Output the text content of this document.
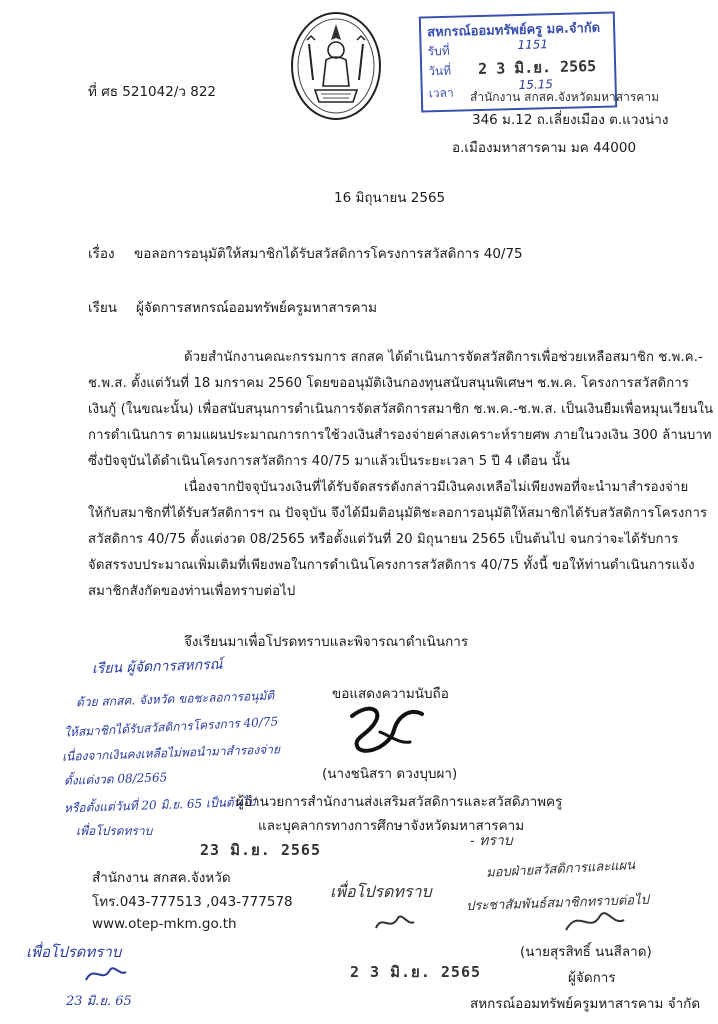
สหกรณ์ออมทรัพย์ครู มค.จำกัด
รับที่	1151
วันที่ 2 3 มิ.ย. 2565
เวลา
15.15
สำนักงาน สกสค.จังหวัดมหาสารคาม
ที่ ศธ 521042/ว 822
346 ม.12 ถ.เลี่ยงเมือง ต.แวงน่าง
อ.เมืองมหาสารคาม มค 44000
16 มิถุนายน 2565
เรื่อง ขอลอการอนุมัติให้สมาชิกได้รับสวัสดิการโครงการสวัสดิการ 40/75
เรียน ผู้จัดการสหกรณ์ออมทรัพย์ครูมหาสารคาม
ด้วยสำนักงานคณะกรรมการ สกสค ได้ดำเนินการจัดสวัสดิการเพื่อช่วยเหลือสมาชิก ช.พ.ค.-
ช.พ.ส. ตั้งแต่วันที่ 18 มกราคม 2560 โดยขออนุมัติเงินกองทุนสนับสนุนพิเศษฯ ช.พ.ค. โครงการสวัสดิการ
เงินกู้ (ในขณะนั้น) เพื่อสนับสนุนการดำเนินการจัดสวัสดิการสมาชิก ช.พ.ค.-ช.พ.ส. เป็นเงินยืมเพื่อหมุนเวียนใน
การดำเนินการ ตามแผนประมาณการการใช้วงเงินสำรองจ่ายค่าสงเคราะห์รายศพ ภายในวงเงิน 300 ล้านบาท
ซึ่งปัจจุบันได้ดำเนินโครงการสวัสดิการ 40/75 มาแล้วเป็นระยะเวลา 5 ปี 4 เดือน นั้น
เนื่องจากปัจจุบันวงเงินที่ได้รับจัดสรรดังกล่าวมีเงินคงเหลือไม่เพียงพอที่จะนำมาสำรองจ่าย
ให้กับสมาชิกที่ได้รับสวัสดิการฯ ณ ปัจจุบัน จึงได้มีมติอนุมัติชะลอการอนุมัติให้สมาชิกได้รับสวัสดิการโครงการ
สวัสดิการ 40/75 ตั้งแต่งวด 08/2565 หรือตั้งแต่วันที่ 20 มิถุนายน 2565 เป็นต้นไป จนกว่าจะได้รับการ
จัดสรรงบประมาณเพิ่มเติมที่เพียงพอในการดำเนินโครงการสวัสดิการ 40/75 ทั้งนี้ ขอให้ท่านดำเนินการแจ้ง
สมาชิกสังกัดของท่านเพื่อทราบต่อไป
จึงเรียนมาเพื่อโปรดทราบและพิจารณาดำเนินการ
เรียน ผู้จัดการสหกรณ์
ด้วย สกสค. จังหวัด ขอชะลอการอนุมัติ
ให้สมาชิกได้รับสวัสดิการโครงการ 40/75
เนื่องจากเงินคงเหลือไม่พอนำมาสำรองจ่าย
ตั้งแต่งวด 08/2565
หรือตั้งแต่วันที่ 20 มิ.ย. 65 เป็นต้นไป
เพื่อโปรดทราบ
23 มิ.ย. 2565
ขอแสดงความนับถือ
(นางชนิสรา ดวงบุบผา)
ผู้อำนวยการสำนักงานส่งเสริมสวัสดิการและสวัสดิภาพครู
และบุคลากรทางการศึกษาจังหวัดมหาสารคาม
สำนักงาน สกสค.จังหวัด
โทร.043-777513 ,043-777578
www.otep-mkm.go.th
เพื่อโปรดทราบ
23 มิ.ย. 65
เพื่อโปรดทราบ
2 3 มิ.ย. 2565
- ทราบ
มอบฝ่ายสวัสดิการและแผน
ประชาสัมพันธ์สมาชิกทราบต่อไป
(นายสุรสิทธิ์ นนสีลาด)
ผู้จัดการ
สหกรณ์ออมทรัพย์ครูมหาสารคาม จำกัด
